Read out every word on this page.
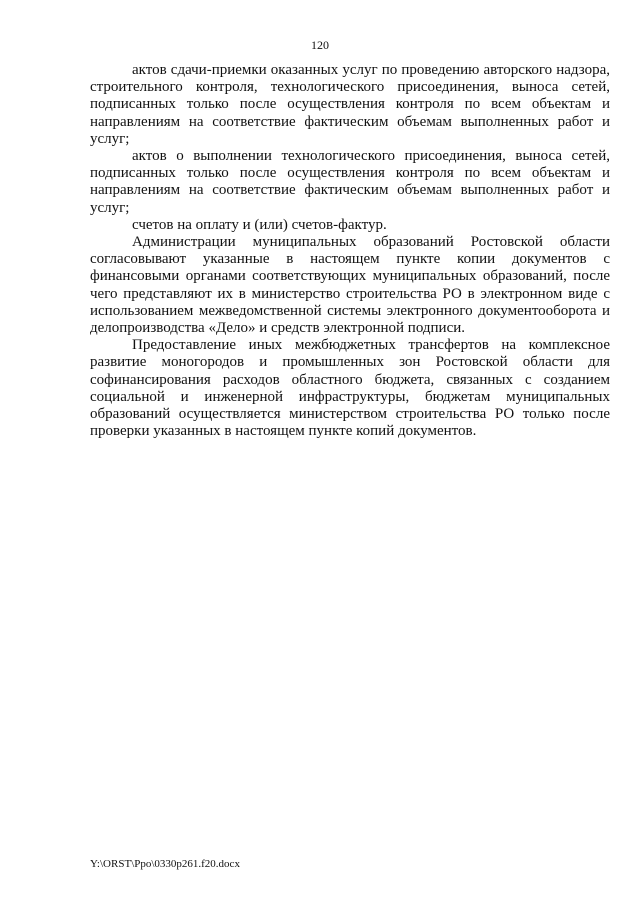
120

актов сдачи-приемки оказанных услуг по проведению авторского надзора, строительного контроля, технологического присоединения, выноса сетей, подписанных только после осуществления контроля по всем объектам и направлениям на соответствие фактическим объемам выполненных работ и услуг;

актов о выполнении технологического присоединения, выноса сетей, подписанных только после осуществления контроля по всем объектам и направлениям на соответствие фактическим объемам выполненных работ и услуг;

счетов на оплату и (или) счетов-фактур.

Администрации муниципальных образований Ростовской области согласовывают указанные в настоящем пункте копии документов с финансовыми органами соответствующих муниципальных образований, после чего представляют их в министерство строительства РО в электронном виде с использованием межведомственной системы электронного документооборота и делопроизводства «Дело» и средств электронной подписи.

Предоставление иных межбюджетных трансфертов на комплексное развитие моногородов и промышленных зон Ростовской области для софинансирования расходов областного бюджета, связанных с созданием социальной и инженерной инфраструктуры, бюджетам муниципальных образований осуществляется министерством строительства РО только после проверки указанных в настоящем пункте копий документов.

Y:\ORST\Ppo\0330p261.f20.docx
